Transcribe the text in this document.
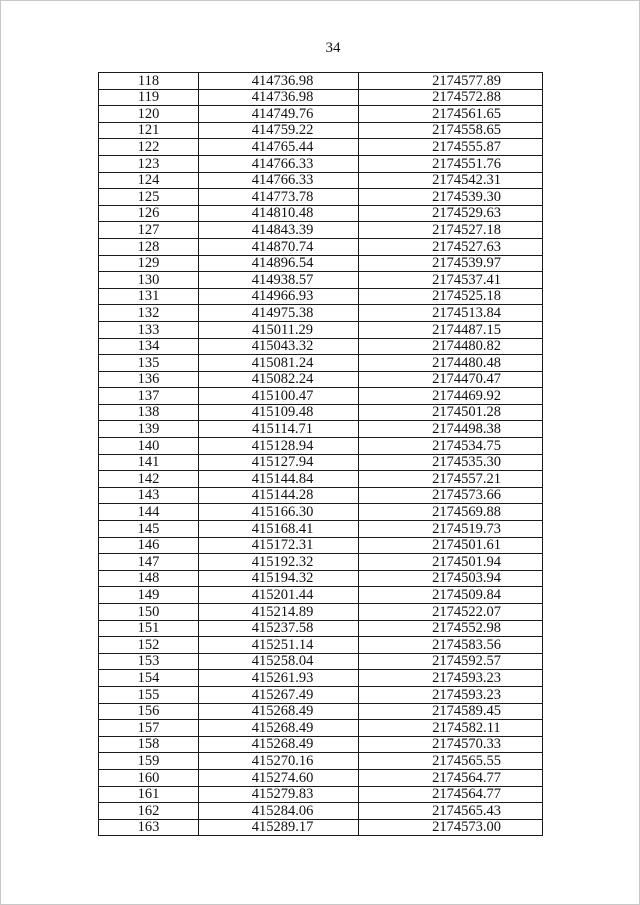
34
118	414736.98	2174577.89
119	414736.98	2174572.88
120	414749.76	2174561.65
121	414759.22	2174558.65
122	414765.44	2174555.87
123	414766.33	2174551.76
124	414766.33	2174542.31
125	414773.78	2174539.30
126	414810.48	2174529.63
127	414843.39	2174527.18
128	414870.74	2174527.63
129	414896.54	2174539.97
130	414938.57	2174537.41
131	414966.93	2174525.18
132	414975.38	2174513.84
133	415011.29	2174487.15
134	415043.32	2174480.82
135	415081.24	2174480.48
136	415082.24	2174470.47
137	415100.47	2174469.92
138	415109.48	2174501.28
139	415114.71	2174498.38
140	415128.94	2174534.75
141	415127.94	2174535.30
142	415144.84	2174557.21
143	415144.28	2174573.66
144	415166.30	2174569.88
145	415168.41	2174519.73
146	415172.31	2174501.61
147	415192.32	2174501.94
148	415194.32	2174503.94
149	415201.44	2174509.84
150	415214.89	2174522.07
151	415237.58	2174552.98
152	415251.14	2174583.56
153	415258.04	2174592.57
154	415261.93	2174593.23
155	415267.49	2174593.23
156	415268.49	2174589.45
157	415268.49	2174582.11
158	415268.49	2174570.33
159	415270.16	2174565.55
160	415274.60	2174564.77
161	415279.83	2174564.77
162	415284.06	2174565.43
163	415289.17	2174573.00
